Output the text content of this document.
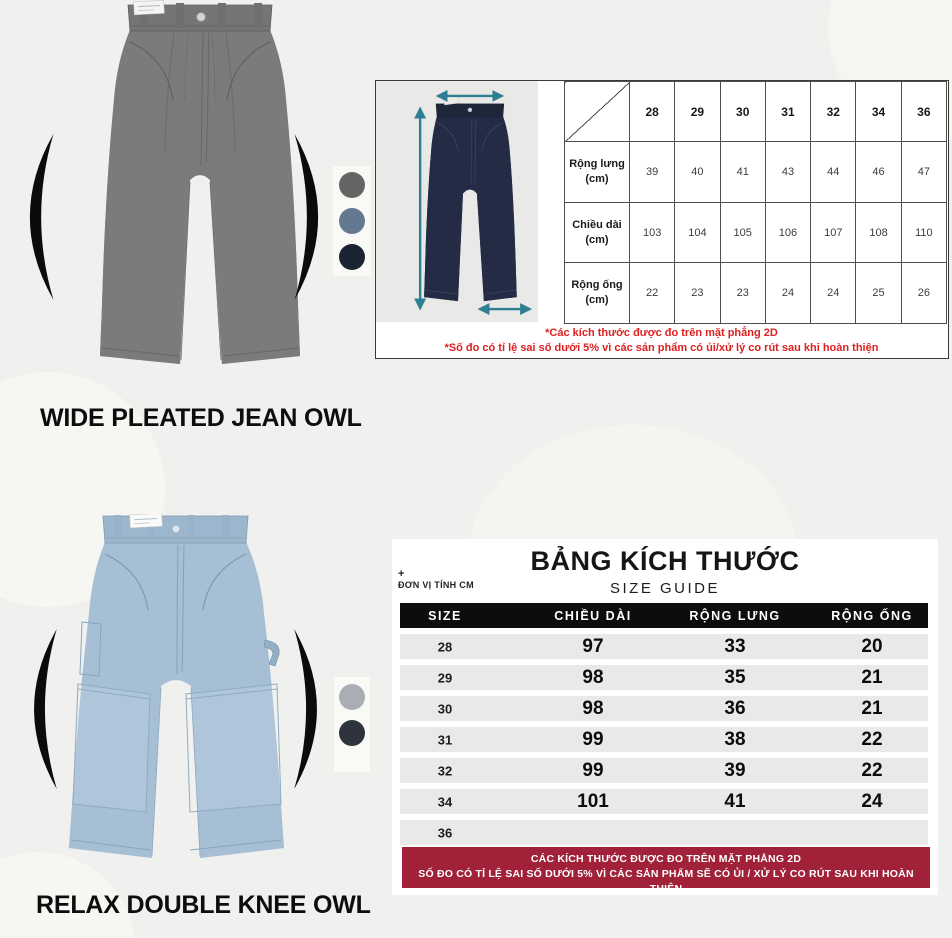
	28	29	30	31	32	34	36
Rộng lưng
(cm)	39	40	41	43	44	46	47
Chiều dài
(cm)	103	104	105	106	107	108	110
Rộng ống
(cm)	22	23	23	24	24	25	26
*Các kích thước được đo trên mặt phẳng 2D
*Số đo có tỉ lệ sai số dưới 5% vì các sản phẩm có ủi/xử lý co rút sau khi hoàn thiện
WIDE PLEATED JEAN OWL
BẢNG KÍCH THƯỚC
SIZE GUIDE
+
ĐƠN VỊ TÍNH CM
SIZE	CHIỀU DÀI	RỘNG LƯNG	RỘNG ỐNG
28	97	33	20
29	98	35	21
30	98	36	21
31	99	38	22
32	99	39	22
34	101	41	24
36
CÁC KÍCH THƯỚC ĐƯỢC ĐO TRÊN MẶT PHẲNG 2D
SỐ ĐO CÓ TỈ LỆ SAI SỐ DƯỚI 5% VÌ CÁC SẢN PHẨM SẼ CÓ ỦI / XỬ LÝ CO RÚT SAU KHI HOÀN THIỆN
RELAX DOUBLE KNEE OWL
